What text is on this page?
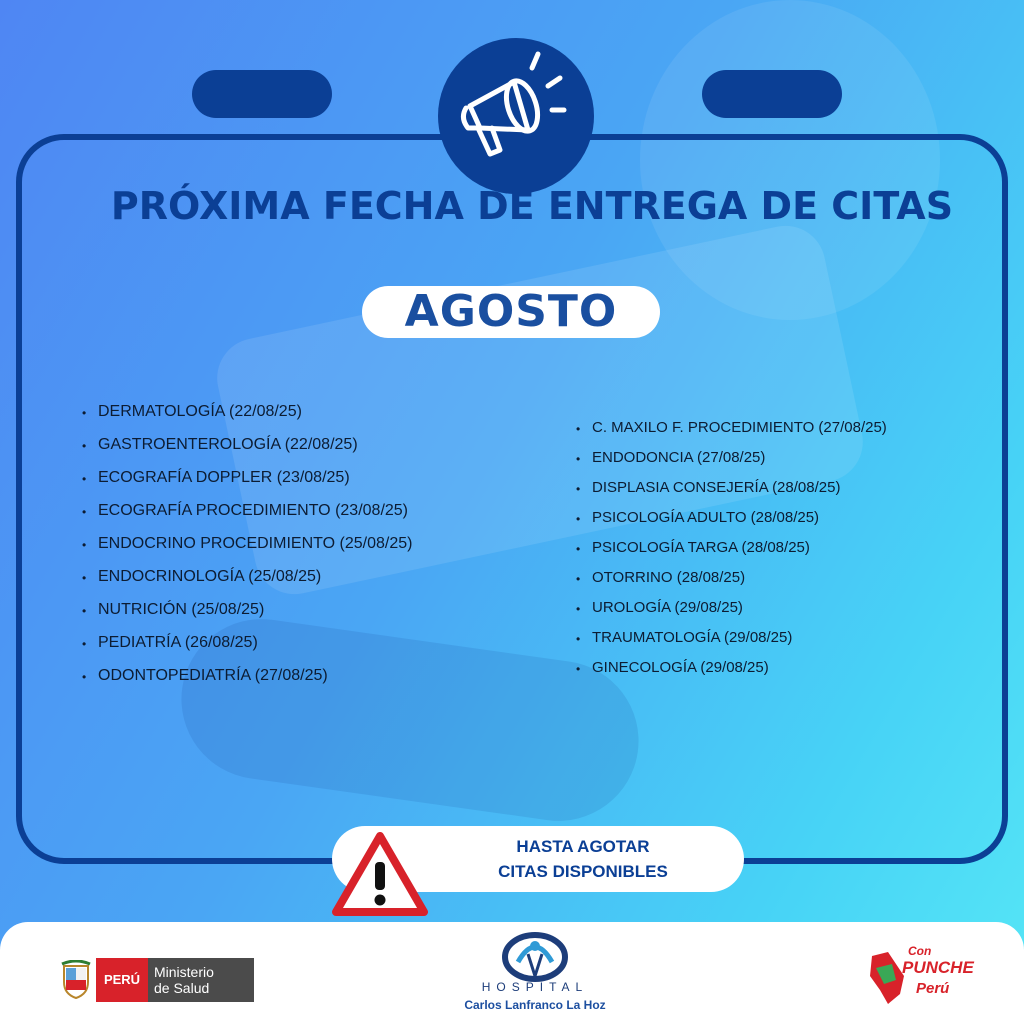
PRÓXIMA FECHA DE ENTREGA DE CITAS
AGOSTO
• DERMATOLOGÍA (22/08/25)
• GASTROENTEROLOGÍA (22/08/25)
• ECOGRAFÍA DOPPLER (23/08/25)
• ECOGRAFÍA PROCEDIMIENTO (23/08/25)
• ENDOCRINO PROCEDIMIENTO (25/08/25)
• ENDOCRINOLOGÍA (25/08/25)
• NUTRICIÓN (25/08/25)
• PEDIATRÍA (26/08/25)
• ODONTOPEDIATRÍA (27/08/25)
• C. MAXILO F. PROCEDIMIENTO (27/08/25)
• ENDODONCIA (27/08/25)
• DISPLASIA CONSEJERÍA (28/08/25)
• PSICOLOGÍA ADULTO (28/08/25)
• PSICOLOGÍA TARGA (28/08/25)
• OTORRINO (28/08/25)
• UROLOGÍA (29/08/25)
• TRAUMATOLOGÍA (29/08/25)
• GINECOLOGÍA (29/08/25)
HASTA AGOTAR
CITAS DISPONIBLES
PERÚ Ministerio
de Salud	HOSPITAL
Carlos Lanfranco La Hoz
Con
PUNCHE
Perú
